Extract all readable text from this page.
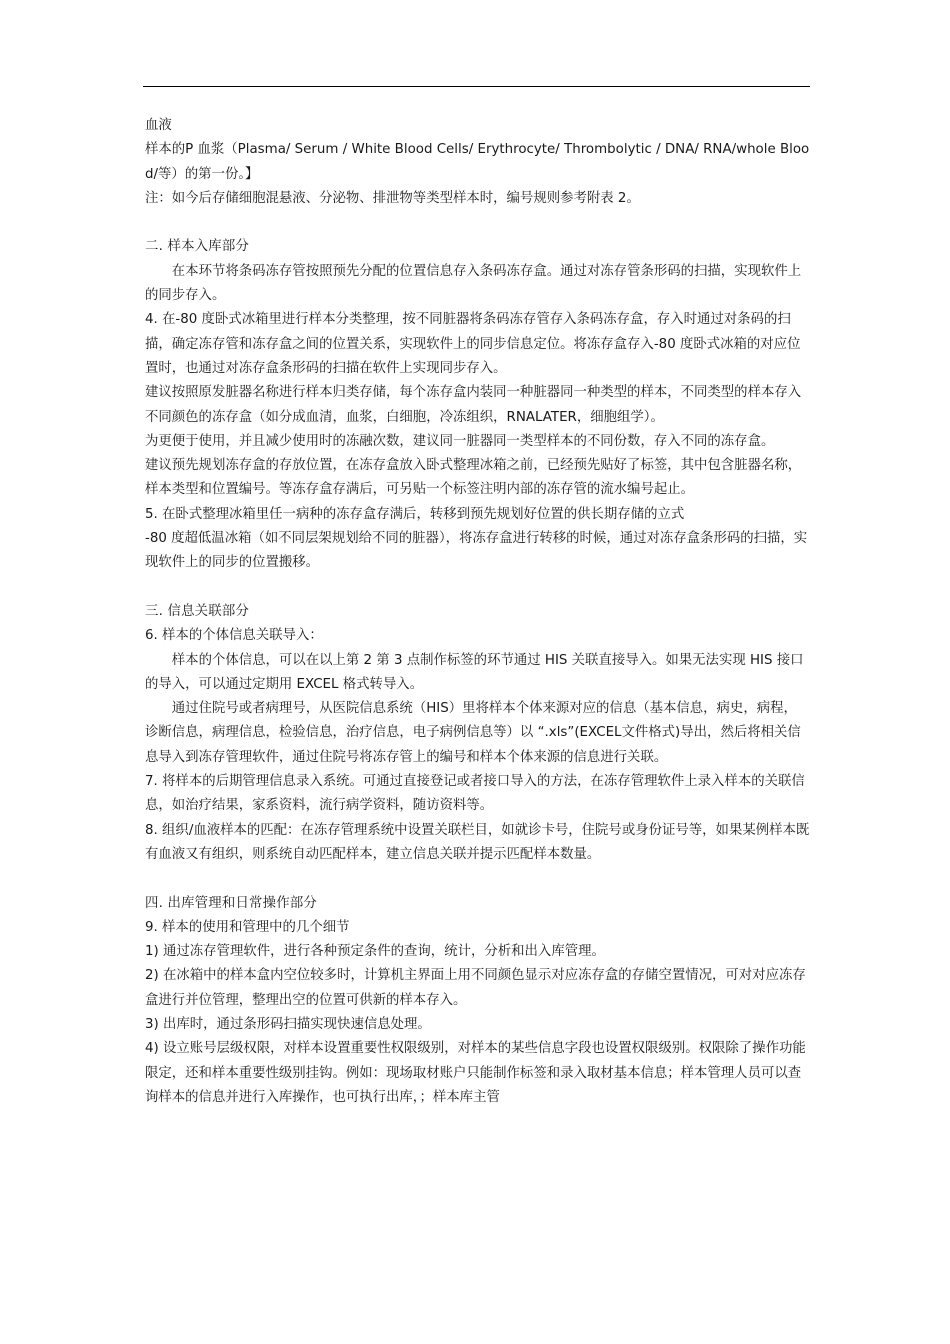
血液

样本的P 血浆（Plasma/ Serum / White Blood Cells/ Erythrocyte/ Thrombolytic / DNA/ RNA/whole Blood/等）的第一份。】

注：如今后存储细胞混悬液、分泌物、排泄物等类型样本时，编号规则参考附表 2。

二. 样本入库部分

在本环节将条码冻存管按照预先分配的位置信息存入条码冻存盒。通过对冻存管条形码的扫描，实现软件上的同步存入。

4. 在-80 度卧式冰箱里进行样本分类整理，按不同脏器将条码冻存管存入条码冻存盒，存入时通过对条码的扫描，确定冻存管和冻存盒之间的位置关系，实现软件上的同步信息定位。将冻存盒存入-80 度卧式冰箱的对应位置时，也通过对冻存盒条形码的扫描在软件上实现同步存入。

建议按照原发脏器名称进行样本归类存储，每个冻存盒内装同一种脏器同一种类型的样本，不同类型的样本存入不同颜色的冻存盒（如分成血清，血浆，白细胞，冷冻组织，RNALATER，细胞组学）。

为更便于使用，并且减少使用时的冻融次数，建议同一脏器同一类型样本的不同份数，存入不同的冻存盒。

建议预先规划冻存盒的存放位置，在冻存盒放入卧式整理冰箱之前，已经预先贴好了标签，其中包含脏器名称，样本类型和位置编号。等冻存盒存满后，可另贴一个标签注明内部的冻存管的流水编号起止。

5. 在卧式整理冰箱里任一病种的冻存盒存满后，转移到预先规划好位置的供长期存储的立式

-80 度超低温冰箱（如不同层架规划给不同的脏器），将冻存盒进行转移的时候，通过对冻存盒条形码的扫描，实现软件上的同步的位置搬移。

三. 信息关联部分

6. 样本的个体信息关联导入：

样本的个体信息，可以在以上第 2 第 3 点制作标签的环节通过 HIS 关联直接导入。如果无法实现 HIS 接口的导入，可以通过定期用 EXCEL 格式转导入。

通过住院号或者病理号，从医院信息系统（HIS）里将样本个体来源对应的信息（基本信息，病史，病程，诊断信息，病理信息，检验信息，治疗信息，电子病例信息等）以 “.xls”(EXCEL文件格式)导出，然后将相关信息导入到冻存管理软件，通过住院号将冻存管上的编号和样本个体来源的信息进行关联。

7. 将样本的后期管理信息录入系统。可通过直接登记或者接口导入的方法，在冻存管理软件上录入样本的关联信息，如治疗结果，家系资料，流行病学资料，随访资料等。

8. 组织/血液样本的匹配：在冻存管理系统中设置关联栏目，如就诊卡号，住院号或身份证号等，如果某例样本既有血液又有组织，则系统自动匹配样本，建立信息关联并提示匹配样本数量。

四. 出库管理和日常操作部分

9. 样本的使用和管理中的几个细节

1) 通过冻存管理软件，进行各种预定条件的查询，统计，分析和出入库管理。

2) 在冰箱中的样本盒内空位较多时，计算机主界面上用不同颜色显示对应冻存盒的存储空置情况，可对对应冻存盒进行并位管理，整理出空的位置可供新的样本存入。

3) 出库时，通过条形码扫描实现快速信息处理。

4) 设立账号层级权限，对样本设置重要性权限级别，对样本的某些信息字段也设置权限级别。权限除了操作功能限定，还和样本重要性级别挂钩。例如：现场取材账户只能制作标签和录入取材基本信息；样本管理人员可以查询样本的信息并进行入库操作，也可执行出库，；样本库主管
